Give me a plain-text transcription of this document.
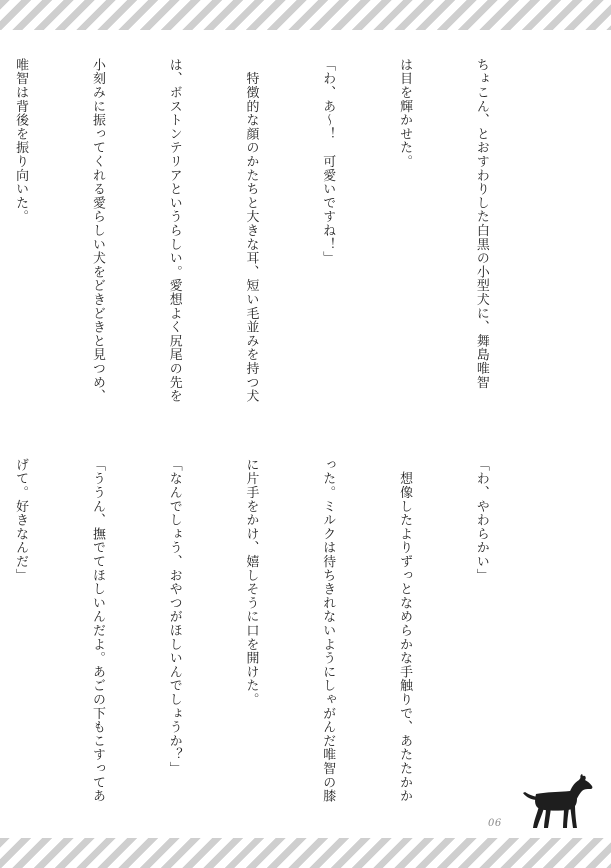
ちょこん、とおすわりした白黒の小型犬に、舞島唯智

は目を輝かせた。

「わ、あ〜！　可愛いですね！」

　特徴的な顔のかたちと大きな耳、短い毛並みを持つ犬

は、ボストンテリアというらしい。愛想よく尻尾の先を

小刻みに振ってくれる愛らしい犬をどきどきと見つめ、

唯智は背後を振り向いた。

「わ、やわらかい」

　想像したよりずっとなめらかな手触りで、あたたかか

った。ミルクは待ちきれないようにしゃがんだ唯智の膝

に片手をかけ、嬉しそうに口を開けた。

「なんでしょう、おやつがほしいんでしょうか？」

「ううん、撫でてほしいんだよ。あごの下もこすってあ

げて。好きなんだ」

06
